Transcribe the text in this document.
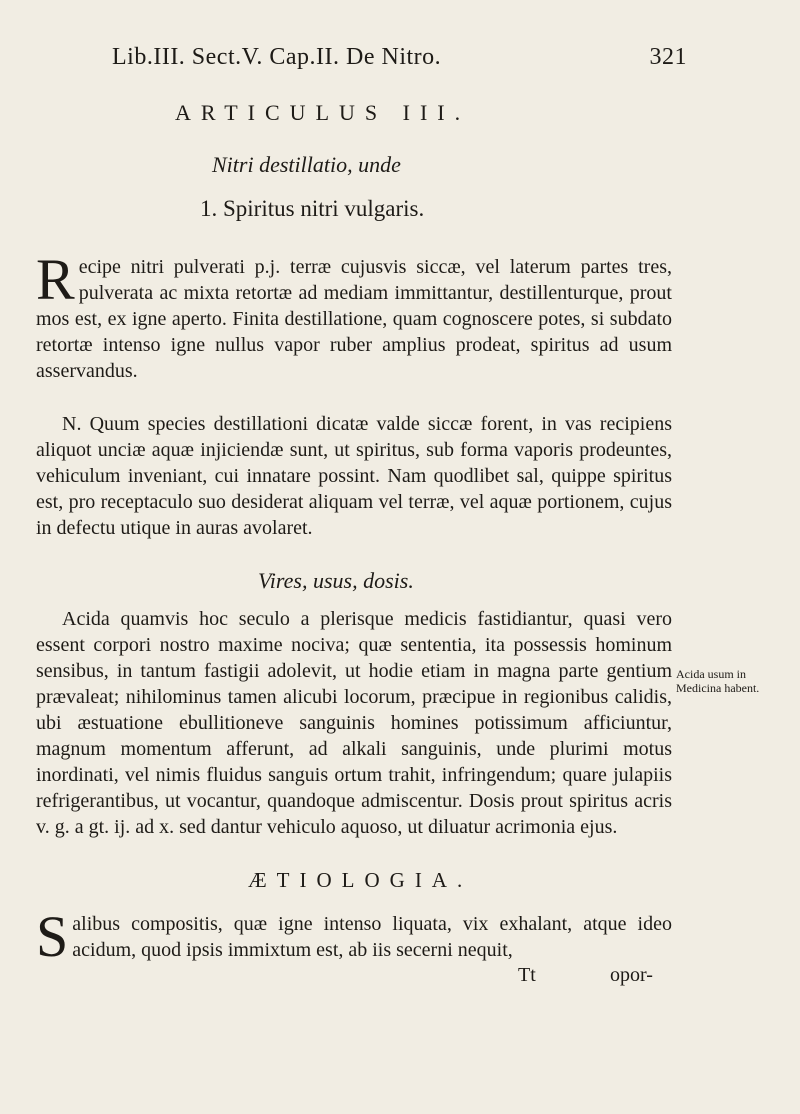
Lib.III. Sect.V. Cap.II. De Nitro.	321
ARTICULUS III.
Nitri destillatio, unde
1. Spiritus nitri vulgaris.

Recipe nitri pulverati p.j. terræ cujusvis siccæ, vel laterum partes tres, pulverata ac mixta retortæ ad mediam immittantur, destillenturque, prout mos est, ex igne aperto. Finita destillatione, quam cognoscere potes, si subdato retortæ intenso igne nullus vapor ruber amplius prodeat, spiritus ad usum asservandus.

N. Quum species destillationi dicatæ valde siccæ forent, in vas recipiens aliquot unciæ aquæ injiciendæ sunt, ut spiritus, sub forma vaporis prodeuntes, vehiculum inveniant, cui innatare possint. Nam quodlibet sal, quippe spiritus est, pro receptaculo suo desiderat aliquam vel terræ, vel aquæ portionem, cujus in defectu utique in auras avolaret.

Vires, usus, dosis.

Acida quamvis hoc seculo a plerisque medicis fastidiantur, quasi vero essent corpori nostro maxime nociva; quæ sententia, ita possessis hominum sensibus, in tantum fastigii adolevit, ut hodie etiam in magna parte gentium prævaleat; nihilominus tamen alicubi locorum, præcipue in regionibus calidis, ubi æstuatione ebullitioneve sanguinis homines potissimum afficiuntur, magnum momentum afferunt, ad alkali sanguinis, unde plurimi motus inordinati, vel nimis fluidus sanguis ortum trahit, infringendum; quare julapiis refrigerantibus, ut vocantur, quandoque admiscentur. Dosis prout spiritus acris v. g. a gt. ij. ad x. sed dantur vehiculo aquoso, ut diluatur acrimonia ejus.

Acida usum in Medicina habent.
ÆTIOLOGIA.

Salibus compositis, quæ igne intenso liquata, vix exhalant, atque ideo acidum, quod ipsis immixtum est, ab iis secerni nequit,

Tt	opor-
